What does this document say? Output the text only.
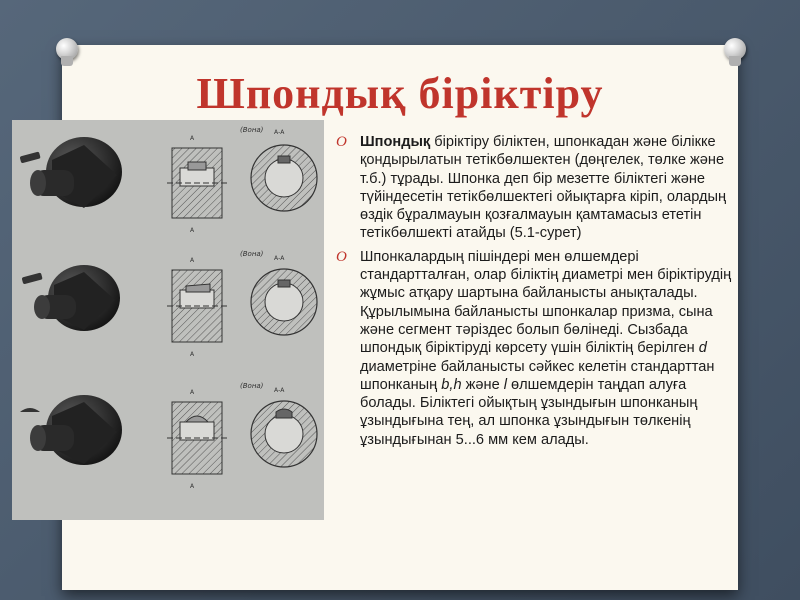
Шпондық біріктіру
A
A
(Вона) А-А
A
A
(Вона)
А-А
A
A
(Вона)
А-А

O Шпондық біріктіру біліктен, шпонкадан және білікке қондырылатын тетікбөлшектен (дөңгелек, төлке және т.б.) тұрады. Шпонка деп бір мезетте біліктегі және түйіндесетін тетікбөлшектегі ойықтарға кіріп, олардың өздік бұралмауын қозғалмауын қамтамасыз ететін тетікбөлшекті атайды (5.1-сурет)

O Шпонкалардың пішіндері мен өлшемдері стандартталған, олар біліктің диаметрі мен біріктірудің жұмыс атқару шартына байланысты анықталады. Құрылымына байланысты шпонкалар призма, сына және сегмент тәріздес болып бөлінеді. Сызбада шпондық біріктіруді көрсету үшін біліктің берілген d диаметріне байланысты сәйкес келетін стандарттан шпонканың b,h және l өлшемдерін таңдап алуға болады. Біліктегі ойықтың ұзындығын шпонканың ұзындығына тең, ал шпонка ұзындығын төлкенің ұзындығынан 5...6 мм кем алады.
